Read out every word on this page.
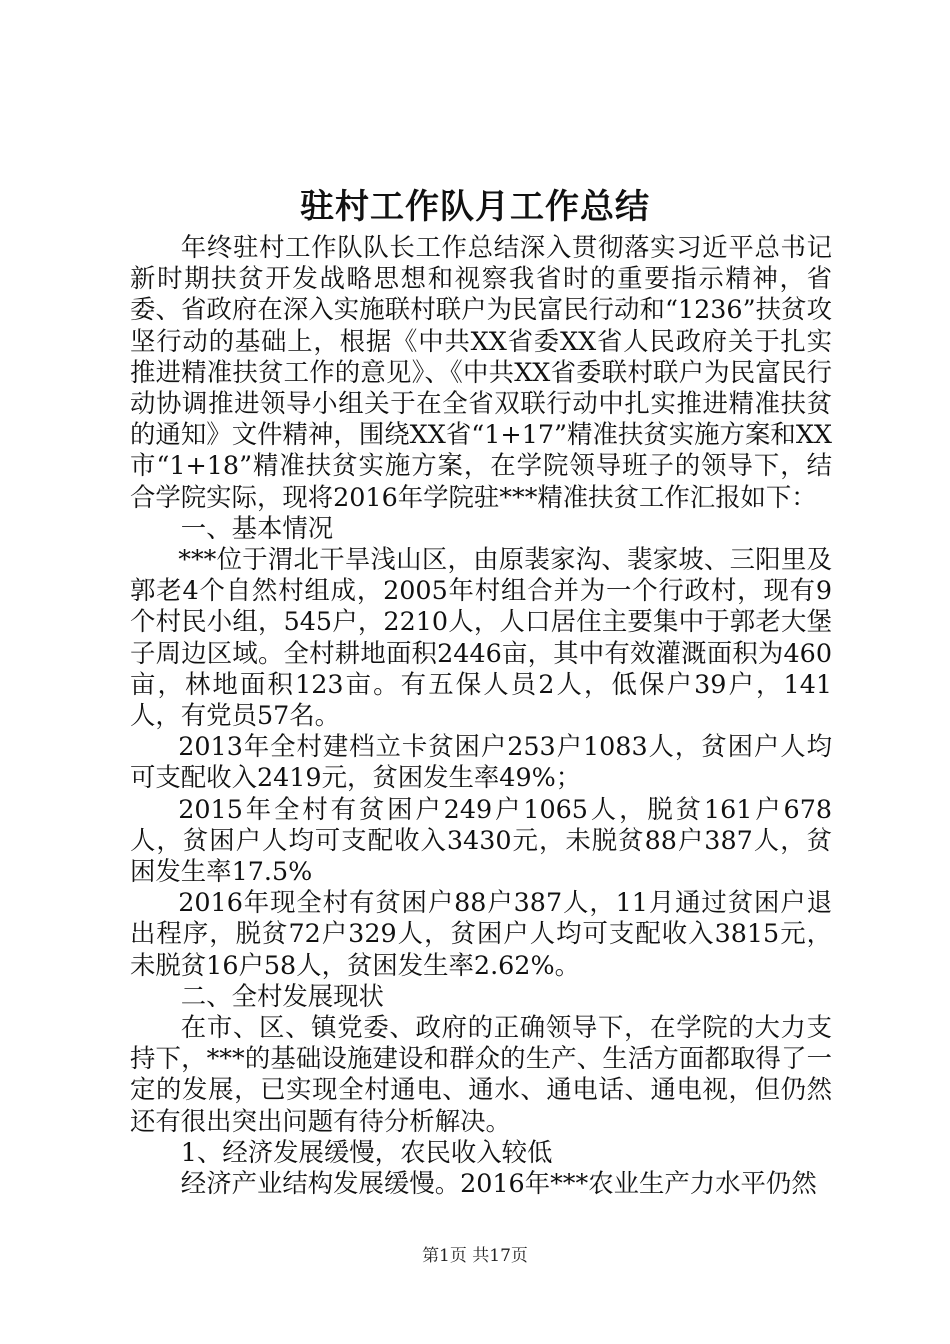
驻村工作队月工作总结

年终驻村工作队队长工作总结深入贯彻落实习近平总书记新时期扶贫开发战略思想和视察我省时的重要指示精神，省委、省政府在深入实施联村联户为民富民行动和“1236”扶贫攻坚行动的基础上，根据《中共XX省委XX省人民政府关于扎实推进精准扶贫工作的意见》、《中共XX省委联村联户为民富民行动协调推进领导小组关于在全省双联行动中扎实推进精准扶贫的通知》文件精神，围绕XX省“1+17”精准扶贫实施方案和XX市“1+18”精准扶贫实施方案，在学院领导班子的领导下，结合学院实际，现将2016年学院驻***精准扶贫工作汇报如下：

一、基本情况

***位于渭北干旱浅山区，由原裴家沟、裴家坡、三阳里及郭老4个自然村组成，2005年村组合并为一个行政村，现有9个村民小组，545户，2210人，人口居住主要集中于郭老大堡子周边区域。全村耕地面积2446亩，其中有效灌溉面积为460亩，林地面积123亩。有五保人员2人，低保户39户，141人，有党员57名。

2013年全村建档立卡贫困户253户1083人，贫困户人均可支配收入2419元，贫困发生率49%；

2015年全村有贫困户249户1065人，脱贫161户678人，贫困户人均可支配收入3430元，未脱贫88户387人，贫困发生率17.5%

2016年现全村有贫困户88户387人，11月通过贫困户退出程序，脱贫72户329人，贫困户人均可支配收入3815元，未脱贫16户58人，贫困发生率2.62%。

二、全村发展现状

在市、区、镇党委、政府的正确领导下，在学院的大力支持下，***的基础设施建设和群众的生产、生活方面都取得了一定的发展，已实现全村通电、通水、通电话、通电视，但仍然还有很出突出问题有待分析解决。

1、经济发展缓慢，农民收入较低

经济产业结构发展缓慢。2016年***农业生产力水平仍然

第1页 共17页
